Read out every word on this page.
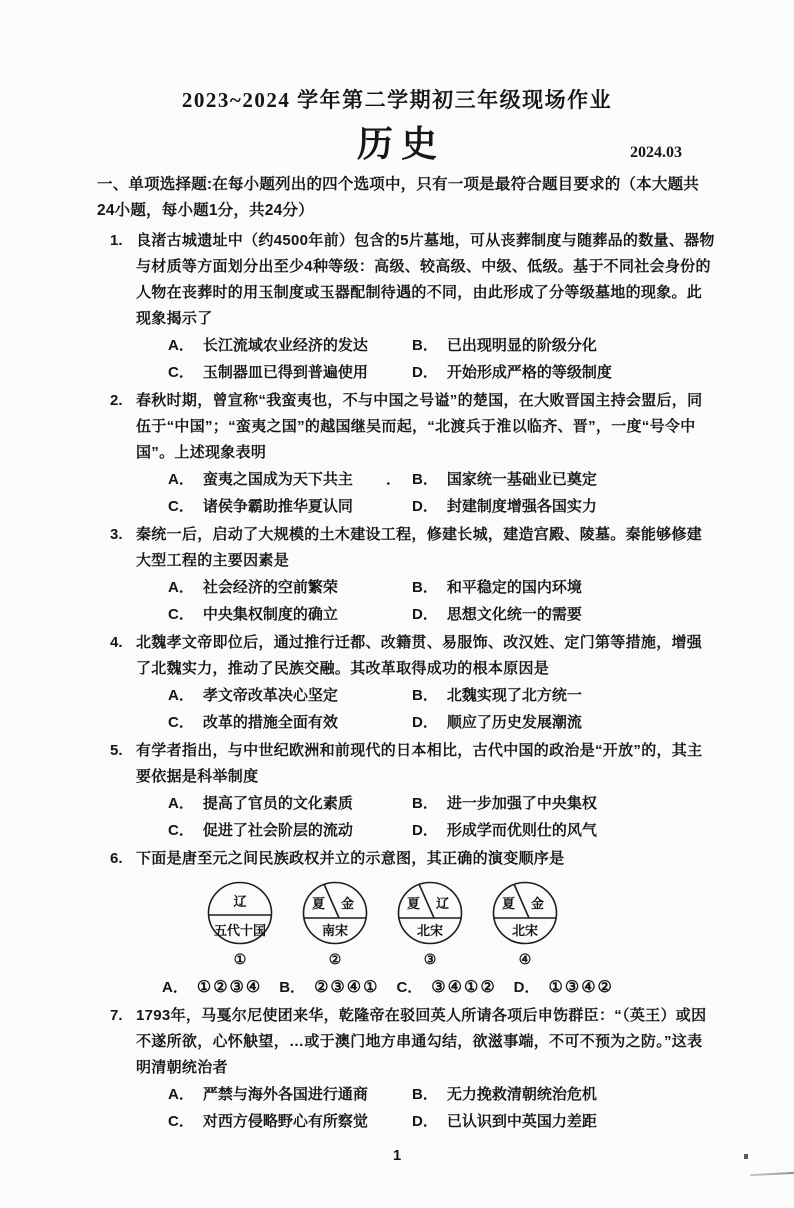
2023~2024 学年第二学期初三年级现场作业
历史	2024.03
一、单项选择题:在每小题列出的四个选项中，只有一项是最符合题目要求的（本大题共24小题，每小题1分，共24分）
1. 良渚古城遗址中（约4500年前）包含的5片墓地，可从丧葬制度与随葬品的数量、器物与材质等方面划分出至少4种等级：高级、较高级、中级、低级。基于不同社会身份的人物在丧葬时的用玉制度或玉器配制待遇的不同，由此形成了分等级墓地的现象。此现象揭示了
A． 长江流域农业经济的发达	B． 已出现明显的阶级分化
C． 玉制器皿已得到普遍使用	D． 开始形成严格的等级制度
2. 春秋时期，曾宣称“我蛮夷也，不与中国之号谥”的楚国，在大败晋国主持会盟后，同伍于“中国”；“蛮夷之国”的越国继吴而起，“北渡兵于淮以临齐、晋”，一度“号令中国”。上述现象表明
A． 蛮夷之国成为天下共主	． B． 国家统一基础业已奠定
C． 诸侯争霸助推华夏认同	D． 封建制度增强各国实力
3. 秦统一后，启动了大规模的土木建设工程，修建长城，建造宫殿、陵墓。秦能够修建大型工程的主要因素是
A． 社会经济的空前繁荣	B． 和平稳定的国内环境
C． 中央集权制度的确立	D． 思想文化统一的需要
4. 北魏孝文帝即位后，通过推行迁都、改籍贯、易服饰、改汉姓、定门第等措施，增强了北魏实力，推动了民族交融。其改革取得成功的根本原因是
A． 孝文帝改革决心坚定	B． 北魏实现了北方统一
C． 改革的措施全面有效	D． 顺应了历史发展潮流
5. 有学者指出，与中世纪欧洲和前现代的日本相比，古代中国的政治是“开放”的，其主要依据是科举制度
A． 提高了官员的文化素质	B． 进一步加强了中央集权
C． 促进了社会阶层的流动	D． 形成学而优则仕的风气
6. 下面是唐至元之间民族政权并立的示意图，其正确的演变顺序是
辽
五代十国
①
夏 金
南宋
②
夏 辽
北宋
③
夏 金
北宋
④
A． ①②③④ B． ②③④① C． ③④①② D． ①③④②
7. 1793年，马戛尔尼使团来华，乾隆帝在驳回英人所请各项后申饬群臣：“（英王）或因不遂所欲，心怀觖望，…或于澳门地方串通勾结，欲滋事端，不可不预为之防。”这表明清朝统治者
A． 严禁与海外各国进行通商	B． 无力挽救清朝统治危机
C． 对西方侵略野心有所察觉	D． 已认识到中英国力差距
1
